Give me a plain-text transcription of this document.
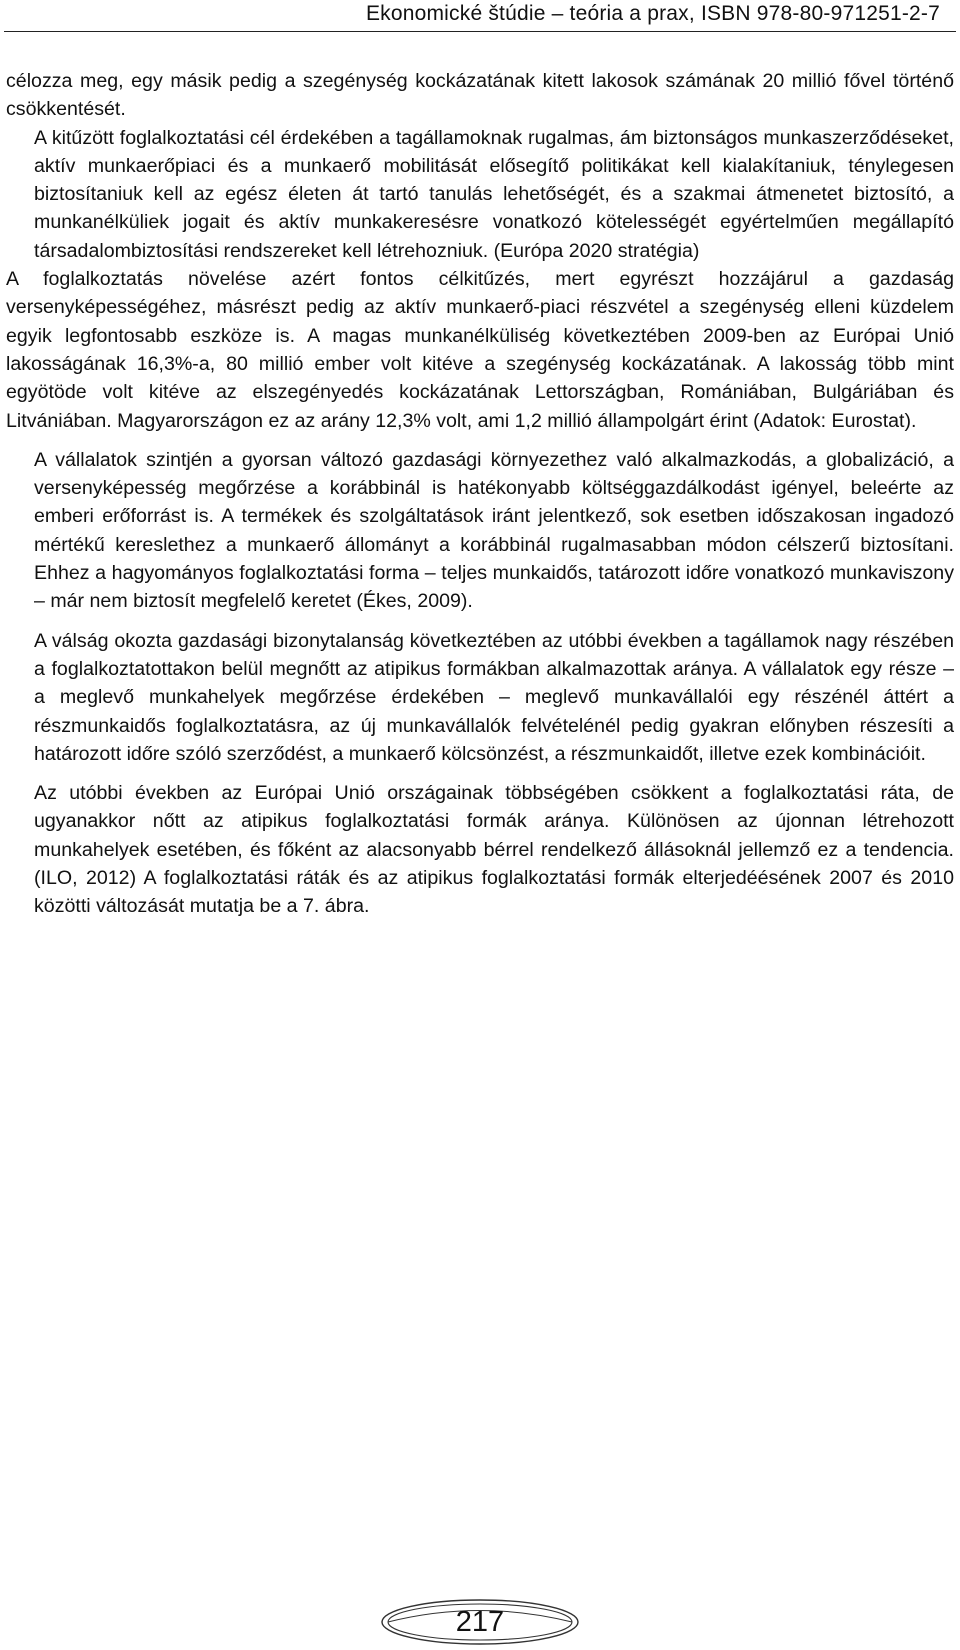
Ekonomické štúdie – teória a prax, ISBN 978-80-971251-2-7

célozza meg, egy másik pedig a szegénység kockázatának kitett lakosok számának 20 millió fővel történő csökkentését.

A kitűzött foglalkoztatási cél érdekében a tagállamoknak rugalmas, ám biztonságos munkaszerződéseket, aktív munkaerőpiaci és a munkaerő mobilitását elősegítő politikákat kell kialakítaniuk, ténylegesen biztosítaniuk kell az egész életen át tartó tanulás lehetőségét, és a szakmai átmenetet biztosító, a munkanélküliek jogait és aktív munkakeresésre vonatkozó kötelességét egyértelműen megállapító társadalombiztosítási rendszereket kell létrehozniuk. (Európa 2020 stratégia)

A foglalkoztatás növelése azért fontos célkitűzés, mert egyrészt hozzájárul a gazdaság versenyképességéhez, másrészt pedig az aktív munkaerő-piaci részvétel a szegénység elleni küzdelem egyik legfontosabb eszköze is. A magas munkanélküliség következtében 2009-ben az Európai Unió lakosságának 16,3%-a, 80 millió ember volt kitéve a szegénység kockázatának. A lakosság több mint egyötöde volt kitéve az elszegényedés kockázatának Lettországban, Romániában, Bulgáriában és Litvániában. Magyarországon ez az arány 12,3% volt, ami 1,2 millió állampolgárt érint (Adatok: Eurostat).

A vállalatok szintjén a gyorsan változó gazdasági környezethez való alkalmazkodás, a globalizáció, a versenyképesség megőrzése a korábbinál is hatékonyabb költséggazdálkodást igényel, beleérte az emberi erőforrást is. A termékek és szolgáltatások iránt jelentkező, sok esetben időszakosan ingadozó mértékű kereslethez a munkaerő állományt a korábbinál rugalmasabban módon célszerű biztosítani. Ehhez a hagyományos foglalkoztatási forma – teljes munkaidős, tatározott időre vonatkozó munkaviszony – már nem biztosít megfelelő keretet (Ékes, 2009).

A válság okozta gazdasági bizonytalanság következtében az utóbbi években a tagállamok nagy részében a foglalkoztatottakon belül megnőtt az atipikus formákban alkalmazottak aránya. A vállalatok egy része – a meglevő munkahelyek megőrzése érdekében – meglevő munkavállalói egy részénél áttért a részmunkaidős foglalkoztatásra, az új munkavállalók felvételénél pedig gyakran előnyben részesíti a határozott időre szóló szerződést, a munkaerő kölcsönzést, a részmunkaidőt, illetve ezek kombinációit.

Az utóbbi években az Európai Unió országainak többségében csökkent a foglalkoztatási ráta, de ugyanakkor nőtt az atipikus foglalkoztatási formák aránya. Különösen az újonnan létrehozott munkahelyek esetében, és főként az alacsonyabb bérrel rendelkező állásoknál jellemző ez a tendencia. (ILO, 2012) A foglalkoztatási ráták és az atipikus foglalkoztatási formák elterjedéésének 2007 és 2010 közötti változását mutatja be a 7. ábra.

217
